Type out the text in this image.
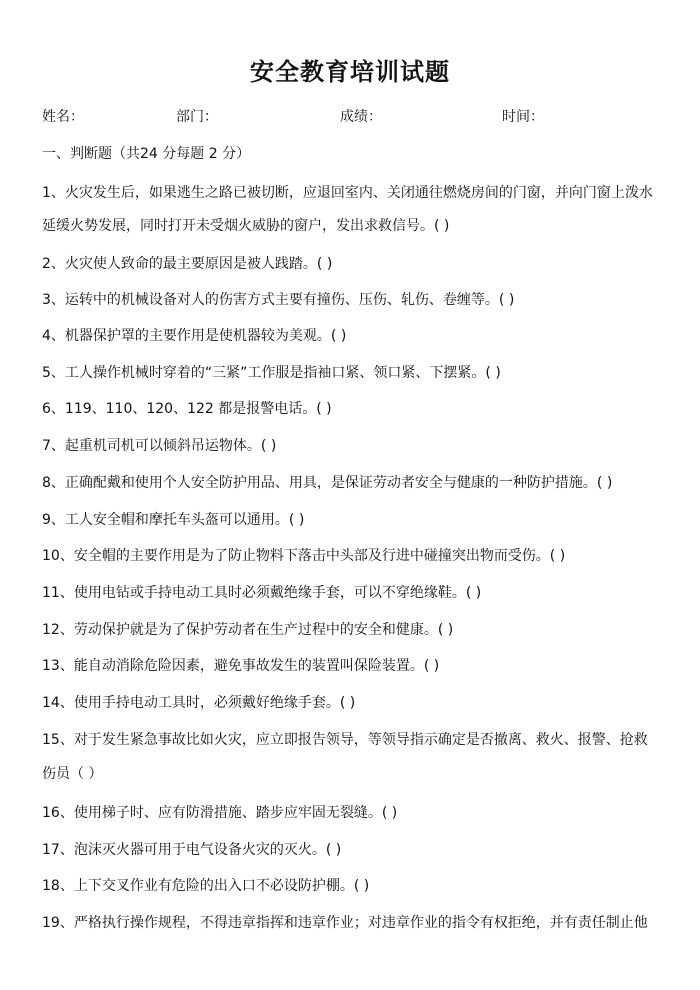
安全教育培训试题
姓名：	部门：	成绩：	时间：
一、判断题（共24 分每题 2 分）
1、火灾发生后，如果逃生之路已被切断，应退回室内、关闭通往燃烧房间的门窗，并向门窗上泼水
延缓火势发展，同时打开未受烟火威胁的窗户，发出求救信号。( )
2、火灾使人致命的最主要原因是被人践踏。( )
3、运转中的机械设备对人的伤害方式主要有撞伤、压伤、轧伤、卷缠等。( )
4、机器保护罩的主要作用是使机器较为美观。( )
5、工人操作机械时穿着的“三紧”工作服是指袖口紧、领口紧、下摆紧。( )
6、119、110、120、122 都是报警电话。( )
7、起重机司机可以倾斜吊运物体。( )
8、正确配戴和使用个人安全防护用品、用具，是保证劳动者安全与健康的一种防护措施。( )
9、工人安全帽和摩托车头盔可以通用。( )
10、安全帽的主要作用是为了防止物料下落击中头部及行进中碰撞突出物而受伤。( )
11、使用电钻或手持电动工具时必须戴绝缘手套，可以不穿绝缘鞋。( )
12、劳动保护就是为了保护劳动者在生产过程中的安全和健康。( )
13、能自动消除危险因素，避免事故发生的装置叫保险装置。( )
14、使用手持电动工具时，必须戴好绝缘手套。( )
15、对于发生紧急事故比如火灾，应立即报告领导，等领导指示确定是否撤离、救火、报警、抢救
伤员（ ）
16、使用梯子时、应有防滑措施、踏步应牢固无裂缝。( )
17、泡沫灭火器可用于电气设备火灾的灭火。( )
18、上下交叉作业有危险的出入口不必设防护棚。( )
19、严格执行操作规程，不得违章指挥和违章作业；对违章作业的指令有权拒绝，并有责任制止他
